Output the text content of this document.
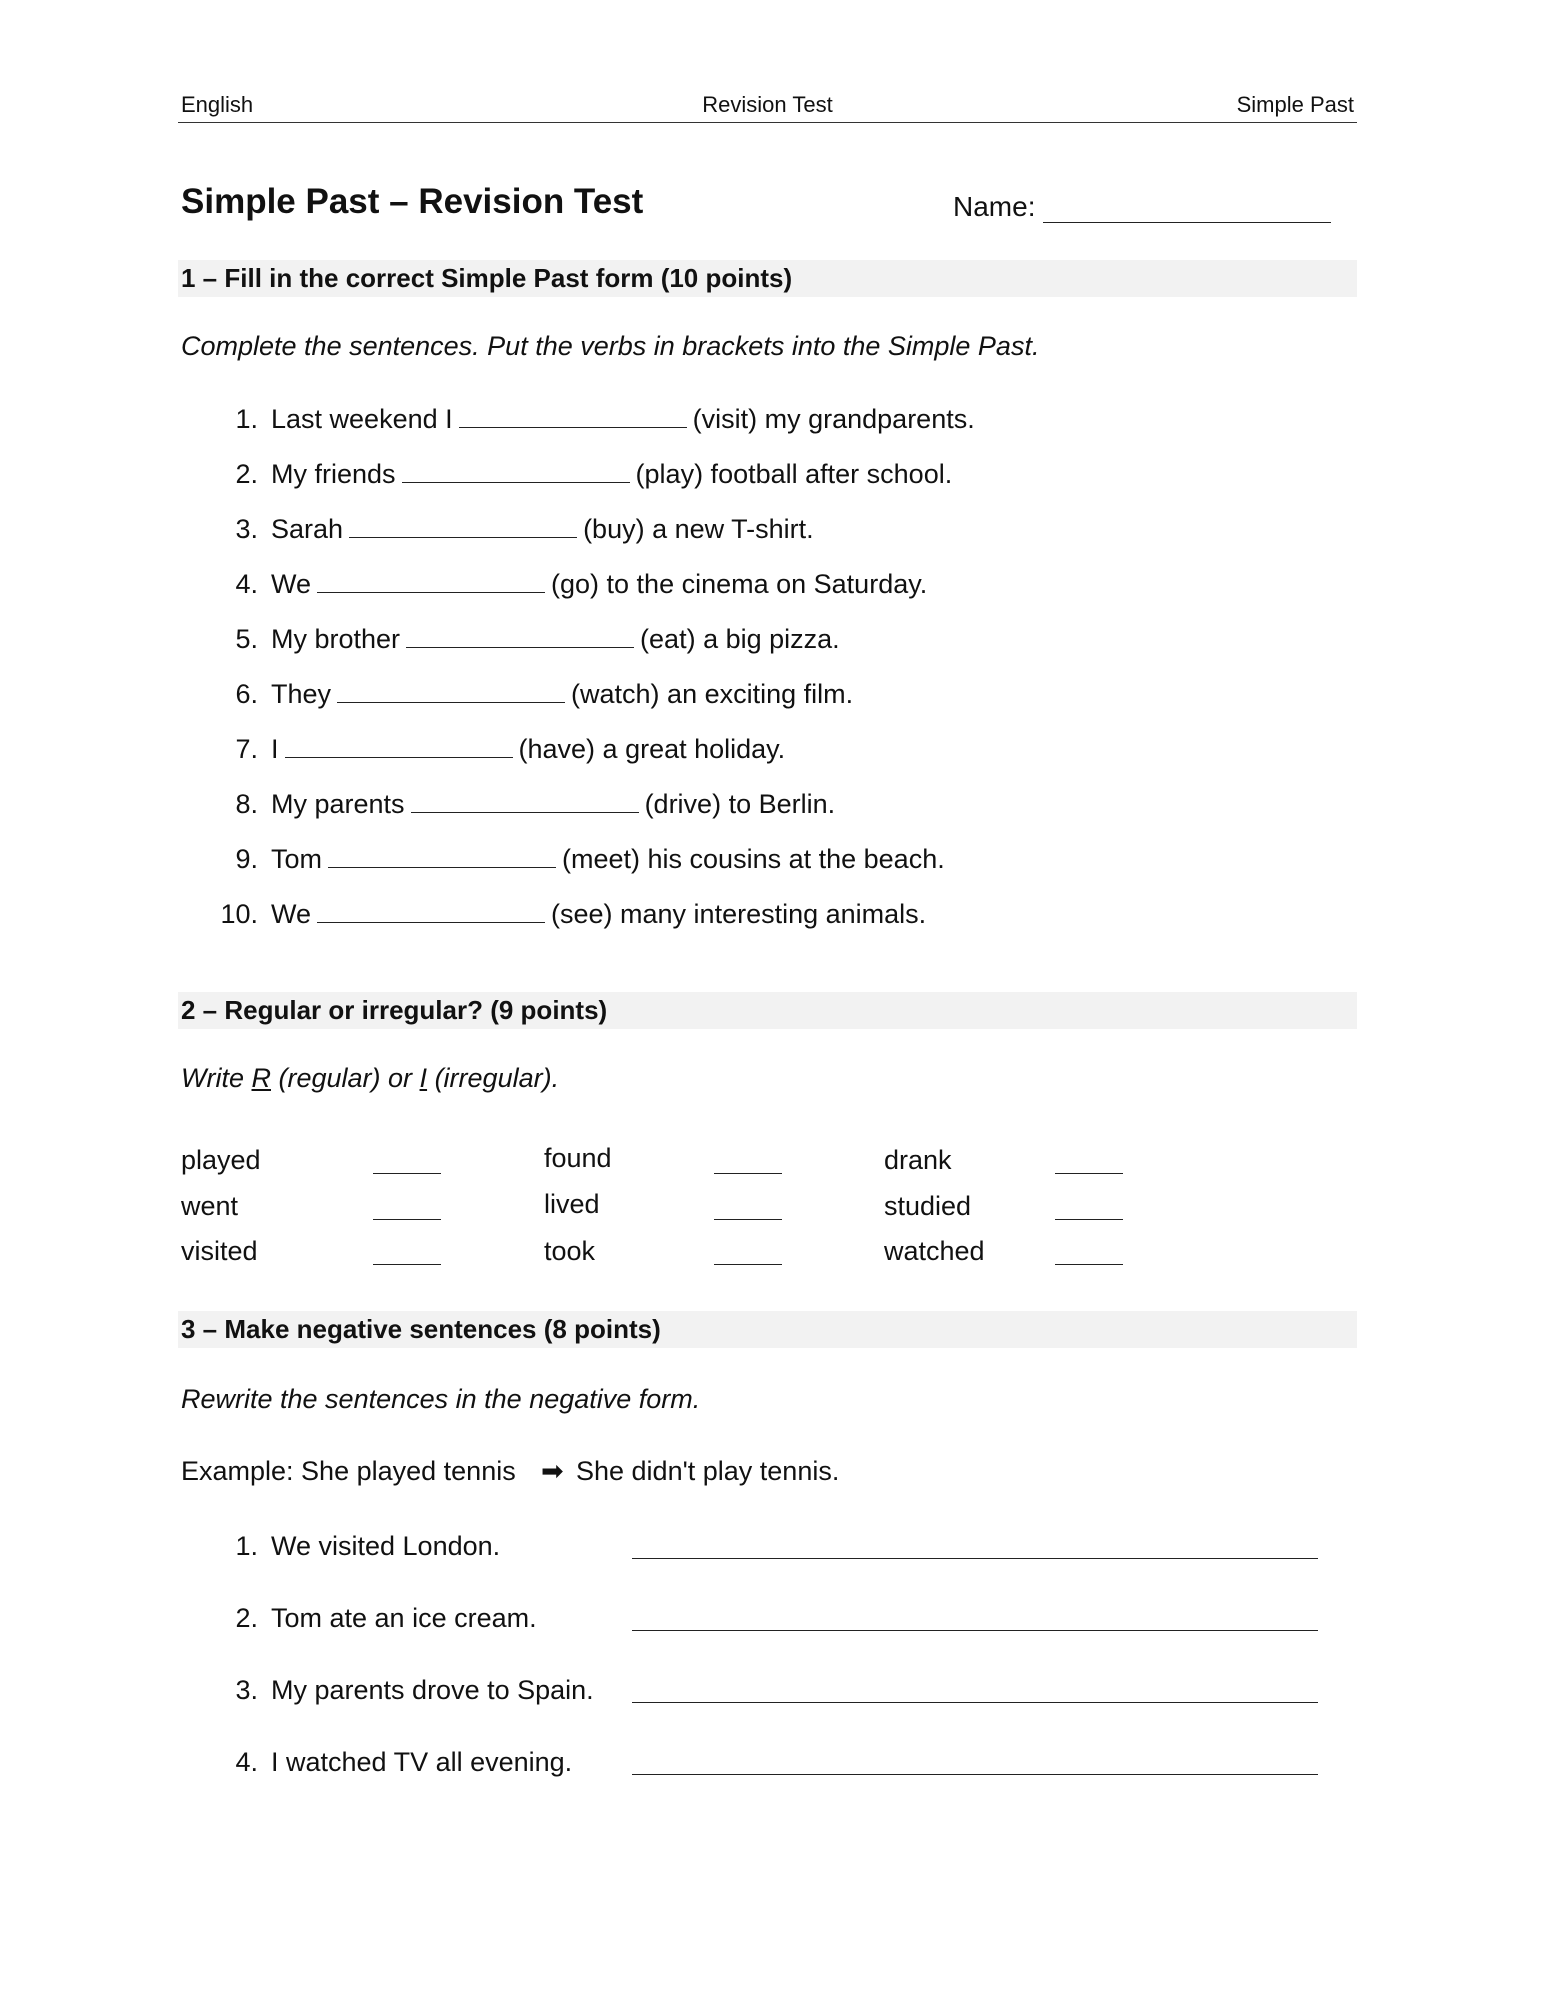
English	Revision Test	Simple Past
Simple Past – Revision Test	Name:
1 – Fill in the correct Simple Past form (10 points)
Complete the sentences. Put the verbs in brackets into the Simple Past.
1. Last weekend I	(visit) my grandparents.
2. My friends	(play) football after school.
3. Sarah	(buy) a new T-shirt.
4. We	(go) to the cinema on Saturday.
5. My brother	(eat) a big pizza.
6. They	(watch) an exciting film.
7. I	(have) a great holiday.
8. My parents	(drive) to Berlin.
9. Tom	(meet) his cousins at the beach.
10. We	(see) many interesting animals.
2 – Regular or irregular? (9 points)
Write R (regular) or I (irregular).
played	found	drank
went	lived	studied
visited	took	watched
3 – Make negative sentences (8 points)
Rewrite the sentences in the negative form.
Example: She played tennis ➡ She didn't play tennis.
1. We visited London.
2. Tom ate an ice cream.
3. My parents drove to Spain.
4. I watched TV all evening.
